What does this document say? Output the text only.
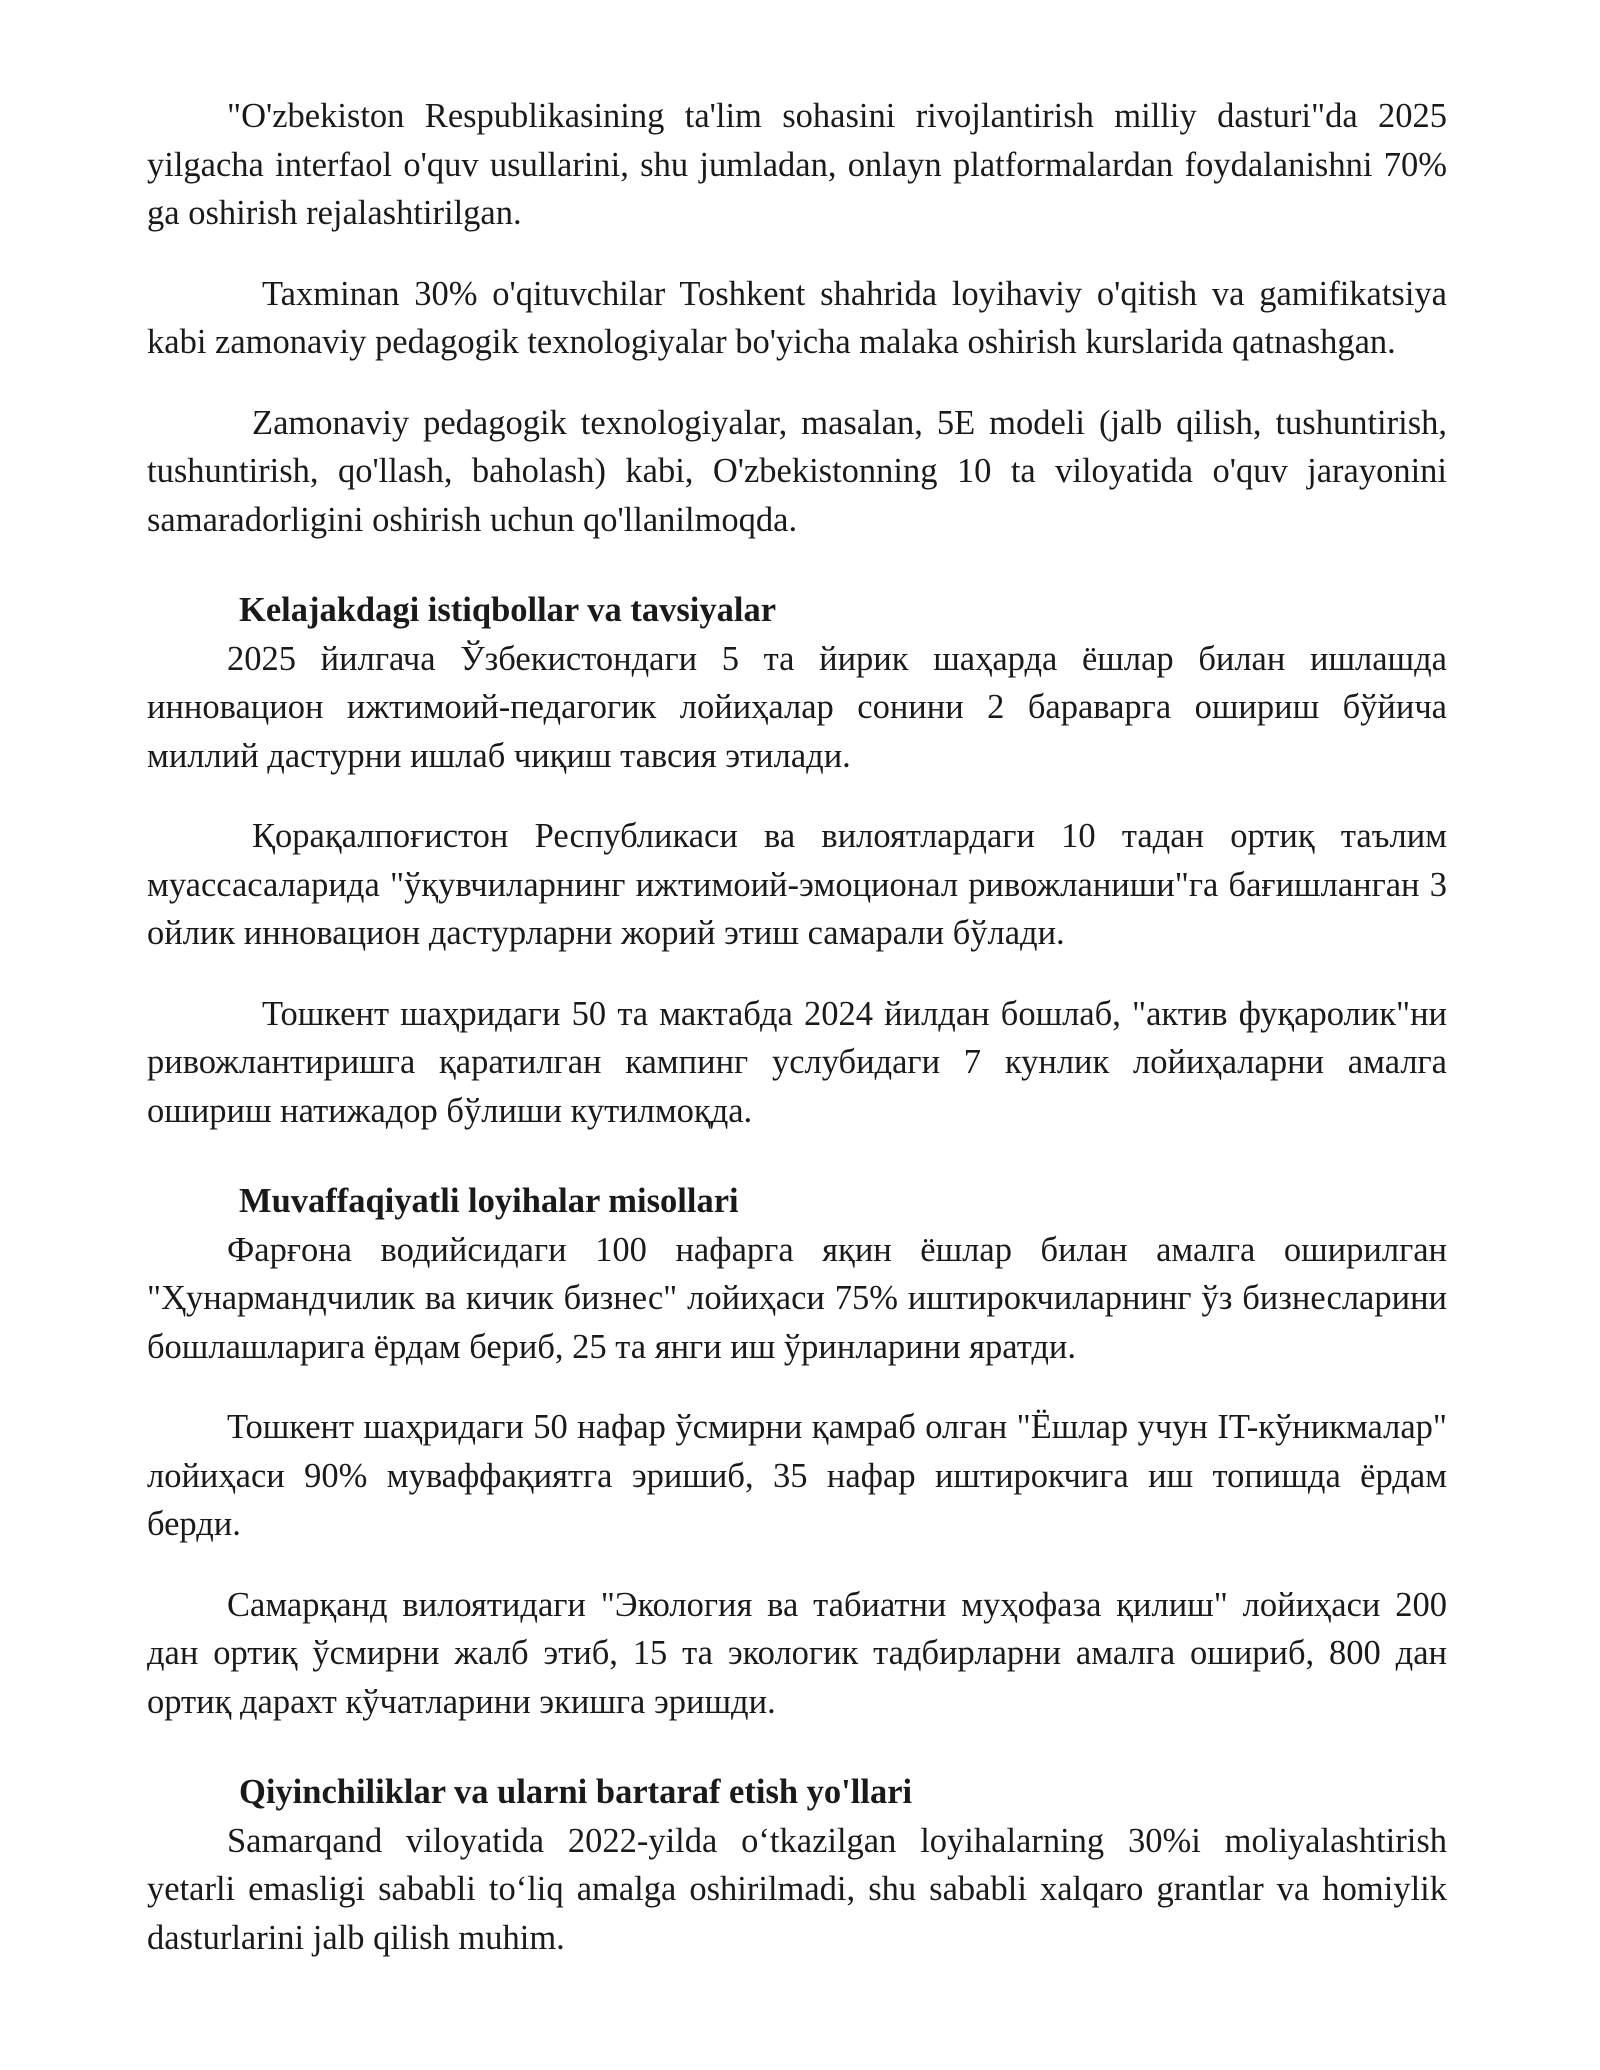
"O'zbekiston Respublikasining ta'lim sohasini rivojlantirish milliy dasturi"da 2025 yilgacha interfaol o'quv usullarini, shu jumladan, onlayn platformalardan foydalanishni 70% ga oshirish rejalashtirilgan.

Taxminan 30% o'qituvchilar Toshkent shahrida loyihaviy o'qitish va gamifikatsiya kabi zamonaviy pedagogik texnologiyalar bo'yicha malaka oshirish kurslarida qatnashgan.

Zamonaviy pedagogik texnologiyalar, masalan, 5E modeli (jalb qilish, tushuntirish, tushuntirish, qo'llash, baholash) kabi, O'zbekistonning 10 ta viloyatida o'quv jarayonini samaradorligini oshirish uchun qo'llanilmoqda.

Kelajakdagi istiqbollar va tavsiyalar

2025 йилгача Ўзбекистондаги 5 та йирик шаҳарда ёшлар билан ишлашда инновацион ижтимоий-педагогик лойиҳалар сонини 2 бараварга ошириш бўйича миллий дастурни ишлаб чиқиш тавсия этилади.

Қорақалпоғистон Республикаси ва вилоятлардаги 10 тадан ортиқ таълим муассасаларида "ўқувчиларнинг ижтимоий-эмоционал ривожланиши"га бағишланган 3 ойлик инновацион дастурларни жорий этиш самарали бўлади.

Тошкент шаҳридаги 50 та мактабда 2024 йилдан бошлаб, "актив фуқаролик"ни ривожлантиришга қаратилган кампинг услубидаги 7 кунлик лойиҳаларни амалга ошириш натижадор бўлиши кутилмоқда.

Muvaffaqiyatli loyihalar misollari

Фарғона водийсидаги 100 нафарга яқин ёшлар билан амалга оширилган "Ҳунармандчилик ва кичик бизнес" лойиҳаси 75% иштирокчиларнинг ўз бизнесларини бошлашларига ёрдам бериб, 25 та янги иш ўринларини яратди.

Тошкент шаҳридаги 50 нафар ўсмирни қамраб олган "Ёшлар учун IT-кўникмалар" лойиҳаси 90% муваффақиятга эришиб, 35 нафар иштирокчига иш топишда ёрдам берди.

Самарқанд вилоятидаги "Экология ва табиатни муҳофаза қилиш" лойиҳаси 200 дан ортиқ ўсмирни жалб этиб, 15 та экологик тадбирларни амалга ошириб, 800 дан ортиқ дарахт кўчатларини экишга эришди.

Qiyinchiliklar va ularni bartaraf etish yo'llari

Samarqand viloyatida 2022-yilda oʻtkazilgan loyihalarning 30%i moliyalashtirish yetarli emasligi sababli toʻliq amalga oshirilmadi, shu sababli xalqaro grantlar va homiylik dasturlarini jalb qilish muhim.
